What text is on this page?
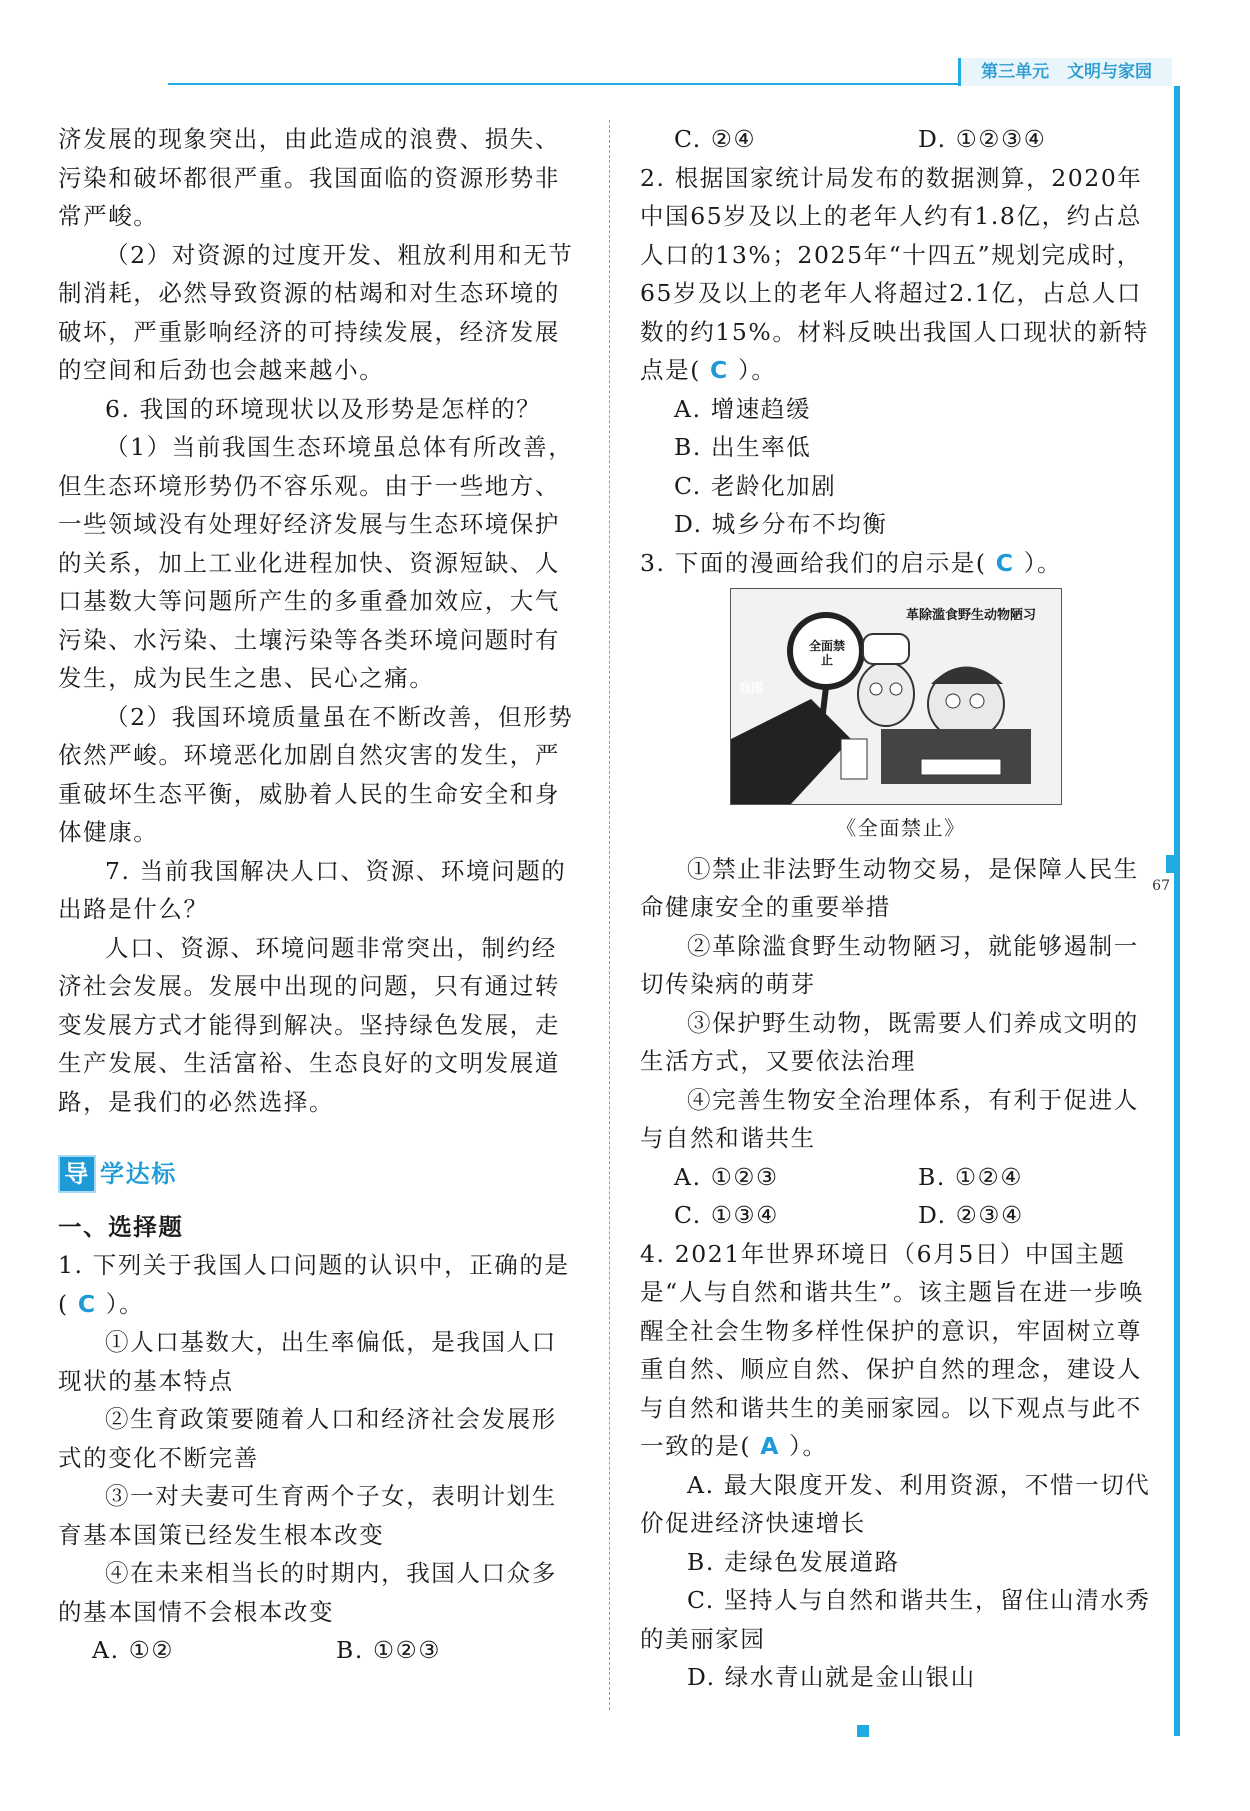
第三单元 文明与家园
67

济发展的现象突出，由此造成的浪费、损失、污染和破坏都很严重。我国面临的资源形势非常严峻。

（2）对资源的过度开发、粗放利用和无节制消耗，必然导致资源的枯竭和对生态环境的破坏，严重影响经济的可持续发展，经济发展的空间和后劲也会越来越小。

6. 我国的环境现状以及形势是怎样的？

（1）当前我国生态环境虽总体有所改善，但生态环境形势仍不容乐观。由于一些地方、一些领域没有处理好经济发展与生态环境保护的关系，加上工业化进程加快、资源短缺、人口基数大等问题所产生的多重叠加效应，大气污染、水污染、土壤污染等各类环境问题时有发生，成为民生之患、民心之痛。

（2）我国环境质量虽在不断改善，但形势依然严峻。环境恶化加剧自然灾害的发生，严重破坏生态平衡，威胁着人民的生命安全和身体健康。

7. 当前我国解决人口、资源、环境问题的出路是什么？

人口、资源、环境问题非常突出，制约经济社会发展。发展中出现的问题，只有通过转变发展方式才能得到解决。坚持绿色发展，走生产发展、生活富裕、生态良好的文明发展道路，是我们的必然选择。

导 学达标

一、选择题

1. 下列关于我国人口问题的认识中，正确的是( C ）。

①人口基数大，出生率偏低，是我国人口现状的基本特点

②生育政策要随着人口和经济社会发展形式的变化不断完善

③一对夫妻可生育两个子女，表明计划生育基本国策已经发生根本改变

④在未来相当长的时期内，我国人口众多的基本国情不会根本改变

A. ①②	B. ①②③
C. ②④	D. ①②③④

2. 根据国家统计局发布的数据测算，2020年中国65岁及以上的老年人约有1.8亿，约占总人口的13%；2025年“十四五”规划完成时，65岁及以上的老年人将超过2.1亿，占总人口数的约15%。材料反映出我国人口现状的新特点是( C ）。

A. 增速趋缓

B. 出生率低

C. 老龄化加剧

D. 城乡分布不均衡

3. 下面的漫画给我们的启示是( C ）。

革除滥食野生动物陋习
全面禁止
我国
《全面禁止》

①禁止非法野生动物交易，是保障人民生命健康安全的重要举措

②革除滥食野生动物陋习，就能够遏制一切传染病的萌芽

③保护野生动物，既需要人们养成文明的生活方式，又要依法治理

④完善生物安全治理体系，有利于促进人与自然和谐共生

A. ①②③	B. ①②④
C. ①③④	D. ②③④

4. 2021年世界环境日（6月5日）中国主题是“人与自然和谐共生”。该主题旨在进一步唤醒全社会生物多样性保护的意识，牢固树立尊重自然、顺应自然、保护自然的理念，建设人与自然和谐共生的美丽家园。以下观点与此不一致的是( A ）。

A. 最大限度开发、利用资源，不惜一切代价促进经济快速增长

B. 走绿色发展道路

C. 坚持人与自然和谐共生，留住山清水秀的美丽家园

D. 绿水青山就是金山银山
